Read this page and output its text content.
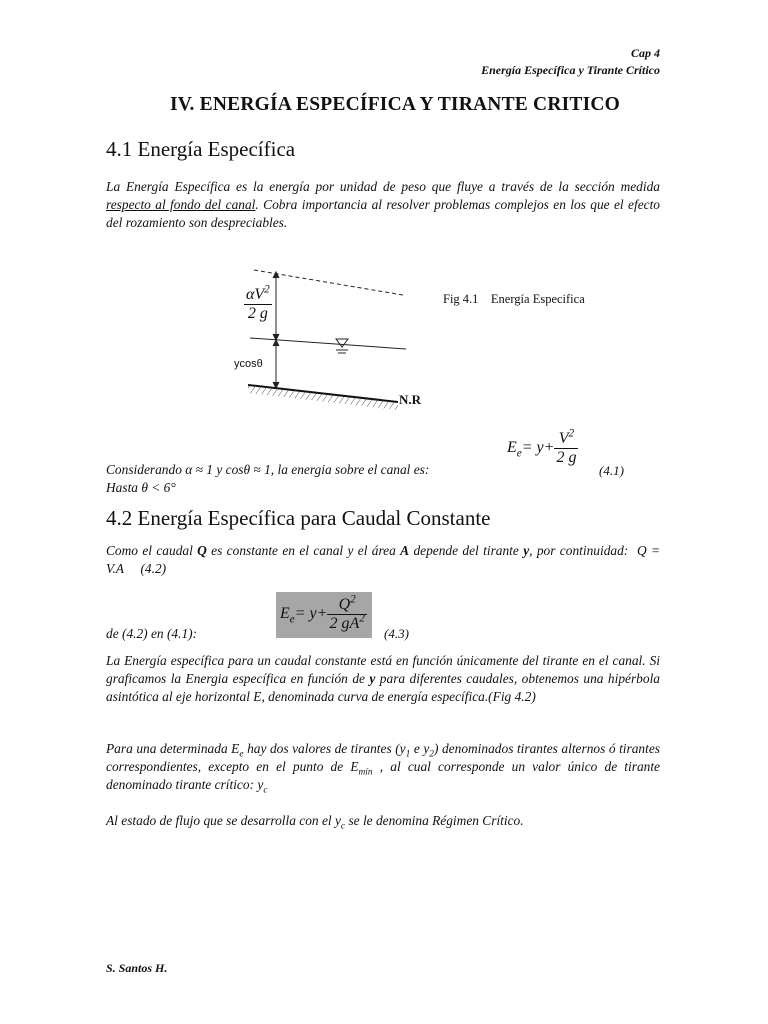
Cap 4
Energía Específica y Tirante Crítico
IV. ENERGÍA ESPECÍFICA Y TIRANTE CRITICO
4.1 Energía Específica
La Energía Específica es la energía por unidad de peso que fluye a través de la sección medida respecto al fondo del canal. Cobra importancia al resolver problemas complejos en los que el efecto del rozamiento son despreciables.
$\frac{\alpha V^2}{2 g}$
ycosθ
N.R
Fig 4.1    Energía Especifica
$E_e= y+ \frac{V^2}{2 g}$
(4.1)
Considerando α ≈ 1 y cosθ ≈ 1, la energia sobre el canal es:
Hasta θ < 6°
4.2 Energía Específica para Caudal Constante
Como el caudal Q es constante en el canal y el área A depende del tirante y, por continuidad:  Q = V.A     (4.2)
de (4.2) en (4.1):
$E_e= y+ \frac{Q^2}{2 gA^2}$
(4.3)
La Energía específica para un caudal constante está en función únicamente del tirante en el canal. Si graficamos la Energia específica en función de y para diferentes caudales, obtenemos una hipérbola asintótica al eje horizontal E, denominada curva de energía específica.(Fig 4.2)
Para una determinada $E_e$ hay dos valores de tirantes ($y_1$ e $y_2$) denominados tirantes alternos ó tirantes correspondientes, excepto en el punto de $E_{mín}$ , al cual corresponde un valor único de tirante denominado tirante crítico: $y_c$
Al estado de flujo que se desarrolla con el $y_c$ se le denomina Régimen Crítico.
S. Santos H.
